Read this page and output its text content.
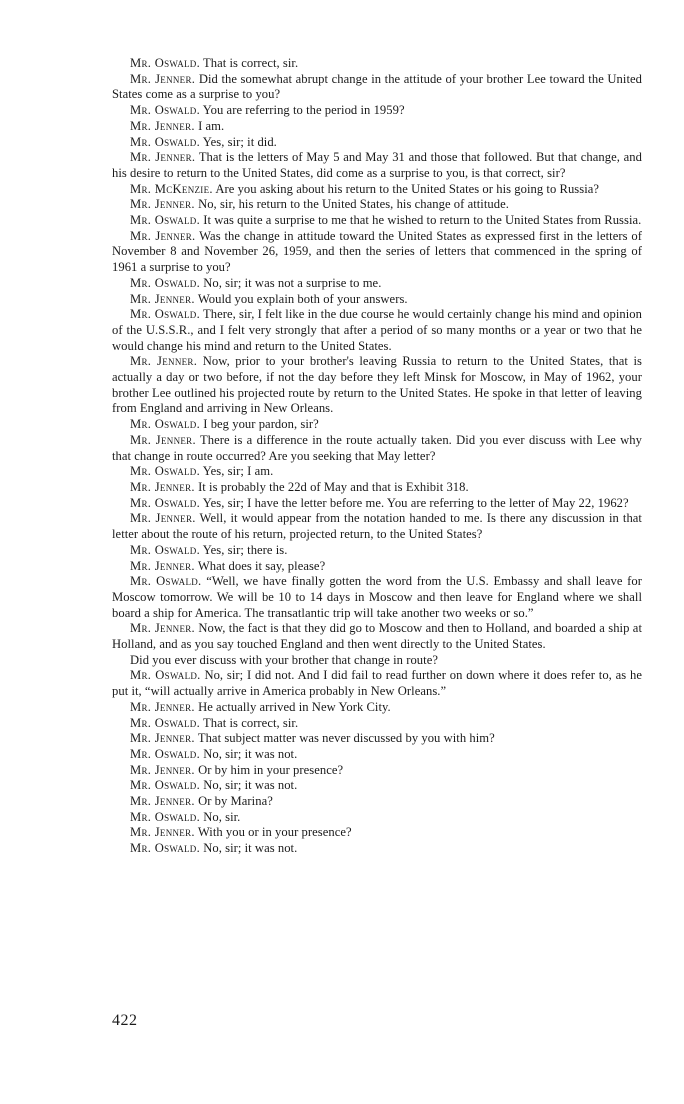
Mr. Oswald. That is correct, sir.

Mr. Jenner. Did the somewhat abrupt change in the attitude of your brother Lee toward the United States come as a surprise to you?

Mr. Oswald. You are referring to the period in 1959?

Mr. Jenner. I am.

Mr. Oswald. Yes, sir; it did.

Mr. Jenner. That is the letters of May 5 and May 31 and those that followed. But that change, and his desire to return to the United States, did come as a surprise to you, is that correct, sir?

Mr. McKenzie. Are you asking about his return to the United States or his going to Russia?

Mr. Jenner. No, sir, his return to the United States, his change of attitude.

Mr. Oswald. It was quite a surprise to me that he wished to return to the United States from Russia.

Mr. Jenner. Was the change in attitude toward the United States as expressed first in the letters of November 8 and November 26, 1959, and then the series of letters that commenced in the spring of 1961 a surprise to you?

Mr. Oswald. No, sir; it was not a surprise to me.

Mr. Jenner. Would you explain both of your answers.

Mr. Oswald. There, sir, I felt like in the due course he would certainly change his mind and opinion of the U.S.S.R., and I felt very strongly that after a period of so many months or a year or two that he would change his mind and return to the United States.

Mr. Jenner. Now, prior to your brother's leaving Russia to return to the United States, that is actually a day or two before, if not the day before they left Minsk for Moscow, in May of 1962, your brother Lee outlined his projected route by return to the United States. He spoke in that letter of leaving from England and arriving in New Orleans.

Mr. Oswald. I beg your pardon, sir?

Mr. Jenner. There is a difference in the route actually taken. Did you ever discuss with Lee why that change in route occurred? Are you seeking that May letter?

Mr. Oswald. Yes, sir; I am.

Mr. Jenner. It is probably the 22d of May and that is Exhibit 318.

Mr. Oswald. Yes, sir; I have the letter before me. You are referring to the letter of May 22, 1962?

Mr. Jenner. Well, it would appear from the notation handed to me. Is there any discussion in that letter about the route of his return, projected return, to the United States?

Mr. Oswald. Yes, sir; there is.

Mr. Jenner. What does it say, please?

Mr. Oswald. “Well, we have finally gotten the word from the U.S. Embassy and shall leave for Moscow tomorrow. We will be 10 to 14 days in Moscow and then leave for England where we shall board a ship for America. The transatlantic trip will take another two weeks or so.”

Mr. Jenner. Now, the fact is that they did go to Moscow and then to Holland, and boarded a ship at Holland, and as you say touched England and then went directly to the United States.

Did you ever discuss with your brother that change in route?

Mr. Oswald. No, sir; I did not. And I did fail to read further on down where it does refer to, as he put it, “will actually arrive in America probably in New Orleans.”

Mr. Jenner. He actually arrived in New York City.

Mr. Oswald. That is correct, sir.

Mr. Jenner. That subject matter was never discussed by you with him?

Mr. Oswald. No, sir; it was not.

Mr. Jenner. Or by him in your presence?

Mr. Oswald. No, sir; it was not.

Mr. Jenner. Or by Marina?

Mr. Oswald. No, sir.

Mr. Jenner. With you or in your presence?

Mr. Oswald. No, sir; it was not.

422
